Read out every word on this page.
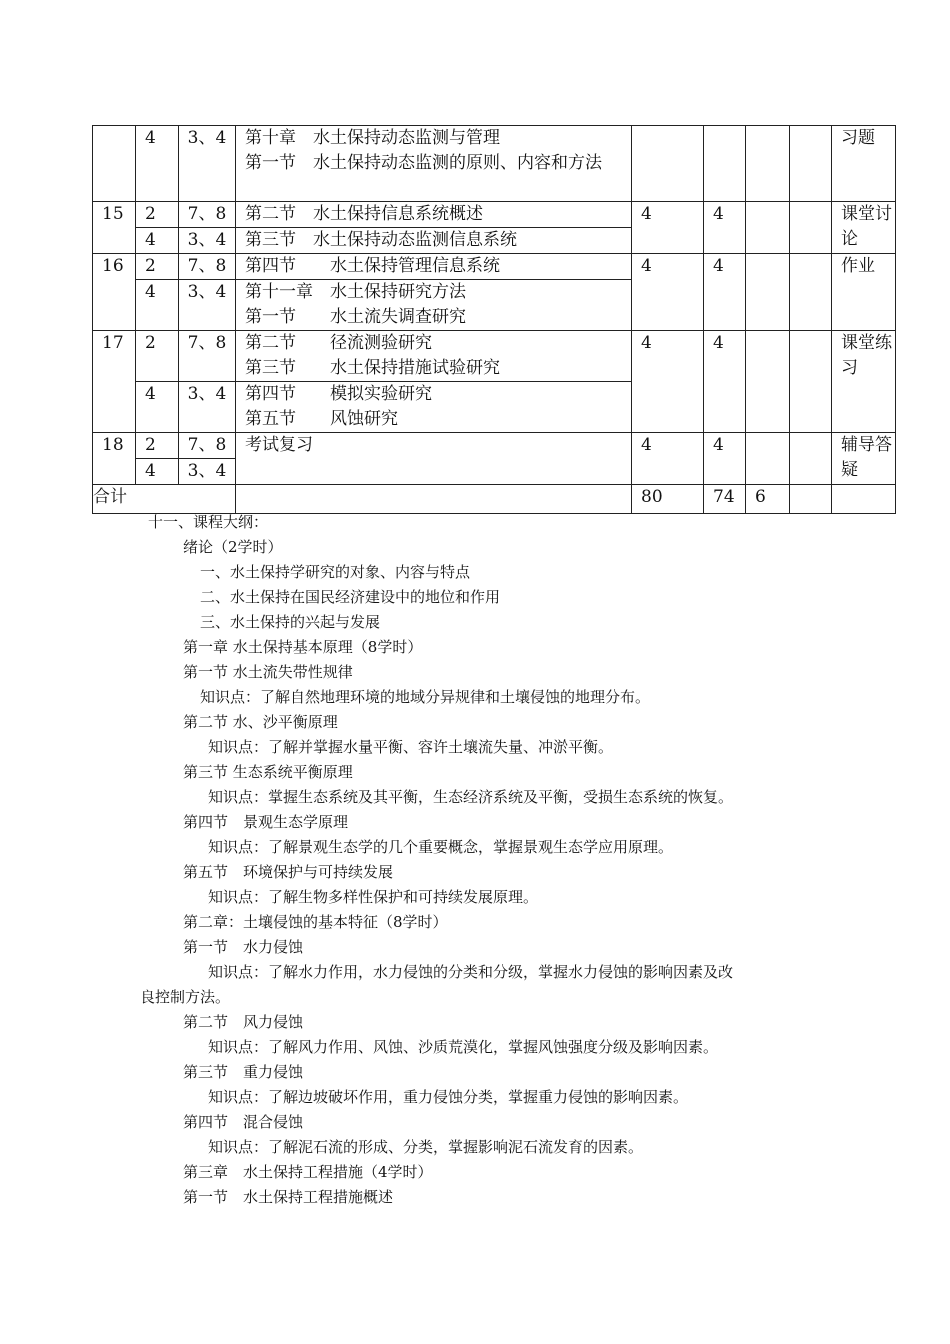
	4	3、4	第十章　水土保持动态监测与管理
第一节　水土保持动态监测的原则、内容和方法					习题
15	2	7、8	第二节　水土保持信息系统概述	4	4			课堂讨论
	4	3、4	第三节　水土保持动态监测信息系统					
16	2	7、8	第四节　　水土保持管理信息系统	4	4			作业
	4	3、4	第十一章　水土保持研究方法
第一节　　水土流失调查研究					

17	2	7、8	第二节　　径流测验研究
第三节　　水土保持措施试验研究	4	4			课堂练习
	4	3、4	第四节　　模拟实验研究
第五节　　风蚀研究					

18	2	7、8	考试复习	4	4			辅导答疑
	4	3、4						
合计				80	74	6		

十一、课程大纲：

绪论（2学时）

一、水土保持学研究的对象、内容与特点

二、水土保持在国民经济建设中的地位和作用

三、水土保持的兴起与发展

第一章 水土保持基本原理（8学时）

第一节 水土流失带性规律

知识点：了解自然地理环境的地域分异规律和土壤侵蚀的地理分布。

第二节 水、沙平衡原理

知识点：了解并掌握水量平衡、容许土壤流失量、冲淤平衡。

第三节 生态系统平衡原理

知识点：掌握生态系统及其平衡，生态经济系统及平衡，受损生态系统的恢复。

第四节　景观生态学原理

知识点：了解景观生态学的几个重要概念，掌握景观生态学应用原理。

第五节　环境保护与可持续发展

知识点：了解生物多样性保护和可持续发展原理。

第二章：土壤侵蚀的基本特征（8学时）

第一节　水力侵蚀

知识点：了解水力作用，水力侵蚀的分类和分级，掌握水力侵蚀的影响因素及改

良控制方法。

第二节　风力侵蚀

知识点：了解风力作用、风蚀、沙质荒漠化，掌握风蚀强度分级及影响因素。

第三节　重力侵蚀

知识点：了解边坡破坏作用，重力侵蚀分类，掌握重力侵蚀的影响因素。

第四节　混合侵蚀

知识点：了解泥石流的形成、分类，掌握影响泥石流发育的因素。

第三章　水土保持工程措施（4学时）

第一节　水土保持工程措施概述
